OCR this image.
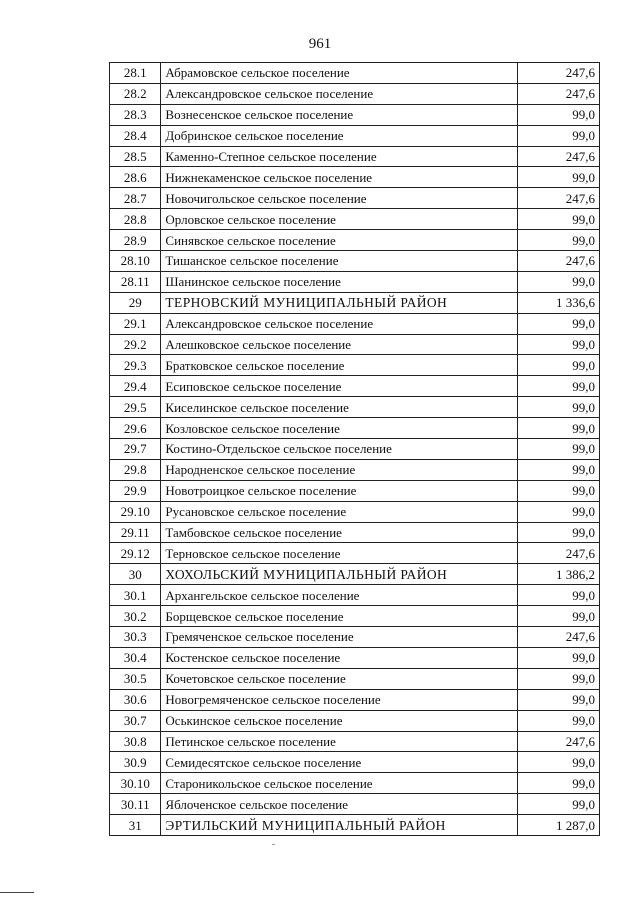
961
28.1	Абрамовское сельское поселение	247,6
28.2	Александровское сельское поселение	247,6
28.3	Вознесенское сельское поселение	99,0
28.4	Добринское сельское поселение	99,0
28.5	Каменно-Степное сельское поселение	247,6
28.6	Нижнекаменское сельское поселение	99,0
28.7	Новочигольское сельское поселение	247,6
28.8	Орловское сельское поселение	99,0
28.9	Синявское сельское поселение	99,0
28.10	Тишанское сельское поселение	247,6
28.11	Шанинское сельское поселение	99,0
29	ТЕРНОВСКИЙ МУНИЦИПАЛЬНЫЙ РАЙОН	1 336,6
29.1	Александровское сельское поселение	99,0
29.2	Алешковское сельское поселение	99,0
29.3	Братковское сельское поселение	99,0
29.4	Есиповское сельское поселение	99,0
29.5	Киселинское сельское поселение	99,0
29.6	Козловское сельское поселение	99,0
29.7	Костино-Отдельское сельское поселение	99,0
29.8	Народненское сельское поселение	99,0
29.9	Новотроицкое сельское поселение	99,0
29.10	Русановское сельское поселение	99,0
29.11	Тамбовское сельское поселение	99,0
29.12	Терновское сельское поселение	247,6
30	ХОХОЛЬСКИЙ МУНИЦИПАЛЬНЫЙ РАЙОН	1 386,2
30.1	Архангельское сельское поселение	99,0
30.2	Борщевское сельское поселение	99,0
30.3	Гремяченское сельское поселение	247,6
30.4	Костенское сельское поселение	99,0
30.5	Кочетовское сельское поселение	99,0
30.6	Новогремяченское сельское поселение	99,0
30.7	Оськинское сельское поселение	99,0
30.8	Петинское сельское поселение	247,6
30.9	Семидесятское сельское поселение	99,0
30.10	Староникольское сельское поселение	99,0
30.11	Яблоченское сельское поселение	99,0
31	ЭРТИЛЬСКИЙ МУНИЦИПАЛЬНЫЙ РАЙОН	1 287,0
